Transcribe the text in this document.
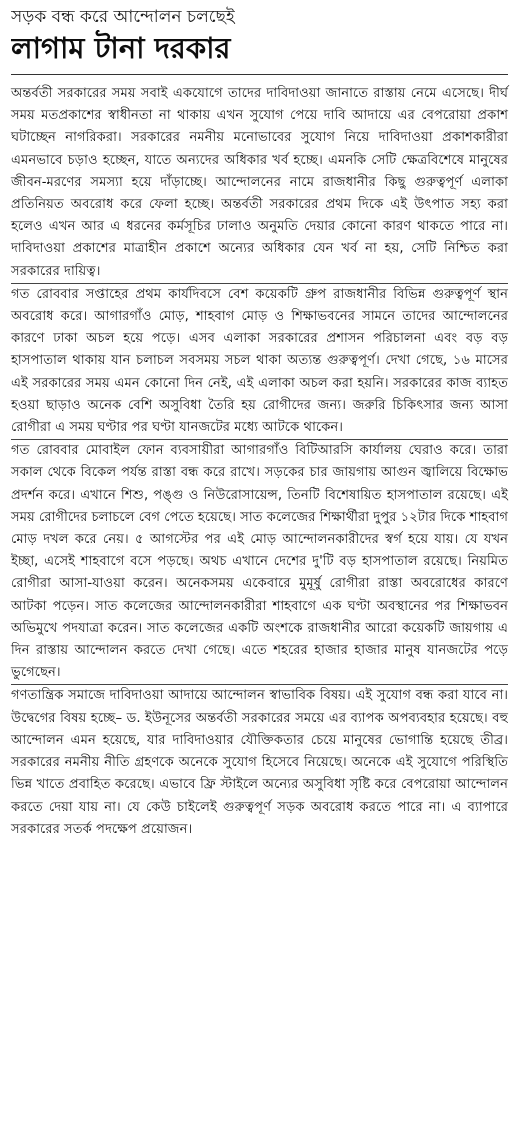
সড়ক বন্ধ করে আন্দোলন চলছেই
লাগাম টানা দরকার

অন্তর্বতী সরকারের সময় সবাই একযোগে তাদের দাবিদাওয়া জানাতে রাস্তায় নেমে এসেছে। দীর্ঘ সময় মতপ্রকাশের স্বাধীনতা না থাকায় এখন সুযোগ পেয়ে দাবি আদায়ে এর বেপরোয়া প্রকাশ ঘটাচ্ছেন নাগরিকরা। সরকারের নমনীয় মনোভাবের সুযোগ নিয়ে দাবিদাওয়া প্রকাশকারীরা এমনভাবে চড়াও হচ্ছেন, যাতে অন্যদের অধিকার খর্ব হচ্ছে। এমনকি সেটি ক্ষেত্রবিশেষে মানুষের জীবন-মরণের সমস্যা হয়ে দাঁড়াচ্ছে। আন্দোলনের নামে রাজধানীর কিছু গুরুত্বপূর্ণ এলাকা প্রতিনিয়ত অবরোধ করে ফেলা হচ্ছে। অন্তর্বতী সরকারের প্রথম দিকে এই উৎপাত সহ্য করা হলেও এখন আর এ ধরনের কর্মসূচির ঢালাও অনুমতি দেয়ার কোনো কারণ থাকতে পারে না। দাবিদাওয়া প্রকাশের মাত্রাহীন প্রকাশে অন্যের অধিকার যেন খর্ব না হয়, সেটি নিশ্চিত করা সরকারের দায়িত্ব।

গত রোববার সপ্তাহের প্রথম কার্যদিবসে বেশ কয়েকটি গ্রুপ রাজধানীর বিভিন্ন গুরুত্বপূর্ণ স্থান অবরোধ করে। আগারগাঁও মোড়, শাহবাগ মোড় ও শিক্ষাভবনের সামনে তাদের আন্দোলনের কারণে ঢাকা অচল হয়ে পড়ে। এসব এলাকা সরকারের প্রশাসন পরিচালনা এবং বড় বড় হাসপাতাল থাকায় যান চলাচল সবসময় সচল থাকা অত্যন্ত গুরুত্বপূর্ণ। দেখা গেছে, ১৬ মাসের এই সরকারের সময় এমন কোনো দিন নেই, এই এলাকা অচল করা হয়নি। সরকারের কাজ ব্যাহত হওয়া ছাড়াও অনেক বেশি অসুবিধা তৈরি হয় রোগীদের জন্য। জরুরি চিকিৎসার জন্য আসা রোগীরা এ সময় ঘণ্টার পর ঘণ্টা যানজটের মধ্যে আটকে থাকেন।

গত রোববার মোবাইল ফোন ব্যবসায়ীরা আগারগাঁও বিটিআরসি কার্যালয় ঘেরাও করে। তারা সকাল থেকে বিকেল পর্যন্ত রাস্তা বন্ধ করে রাখে। সড়কের চার জায়গায় আগুন জ্বালিয়ে বিক্ষোভ প্রদর্শন করে। এখানে শিশু, পঙ্গু ও নিউরোসায়েন্স, তিনটি বিশেষায়িত হাসপাতাল রয়েছে। এই সময় রোগীদের চলাচলে বেগ পেতে হয়েছে। সাত কলেজের শিক্ষার্থীরা দুপুর ১২টার দিকে শাহবাগ মোড় দখল করে নেয়। ৫ আগস্টের পর এই মোড় আন্দোলনকারীদের স্বর্গ হয়ে যায়। যে যখন ইচ্ছা, এসেই শাহবাগে বসে পড়ছে। অথচ এখানে দেশের দু'টি বড় হাসপাতাল রয়েছে। নিয়মিত রোগীরা আসা-যাওয়া করেন। অনেকসময় একেবারে মুমূর্ষু রোগীরা রাস্তা অবরোধের কারণে আটকা পড়েন। সাত কলেজের আন্দোলনকারীরা শাহবাগে এক ঘণ্টা অবস্থানের পর শিক্ষাভবন অভিমুখে পদযাত্রা করেন। সাত কলেজের একটি অংশকে রাজধানীর আরো কয়েকটি জায়গায় এ দিন রাস্তায় আন্দোলন করতে দেখা গেছে। এতে শহরের হাজার হাজার মানুষ যানজটের পড়ে ভুগেছেন।

গণতান্ত্রিক সমাজে দাবিদাওয়া আদায়ে আন্দোলন স্বাভাবিক বিষয়। এই সুযোগ বন্ধ করা যাবে না। উদ্বেগের বিষয় হচ্ছে– ড. ইউনূসের অন্তর্বতী সরকারের সময়ে এর ব্যাপক অপব্যবহার হয়েছে। বহু আন্দোলন এমন হয়েছে, যার দাবিদাওয়ার যৌক্তিকতার চেয়ে মানুষের ভোগান্তি হয়েছে তীব্র। সরকারের নমনীয় নীতি গ্রহণকে অনেকে সুযোগ হিসেবে নিয়েছে। অনেকে এই সুযোগে পরিস্থিতি ভিন্ন খাতে প্রবাহিত করেছে। এভাবে ফ্রি স্টাইলে অন্যের অসুবিধা সৃষ্টি করে বেপরোয়া আন্দোলন করতে দেয়া যায় না। যে কেউ চাইলেই গুরুত্বপূর্ণ সড়ক অবরোধ করতে পারে না। এ ব্যাপারে সরকারের সতর্ক পদক্ষেপ প্রয়োজন।
